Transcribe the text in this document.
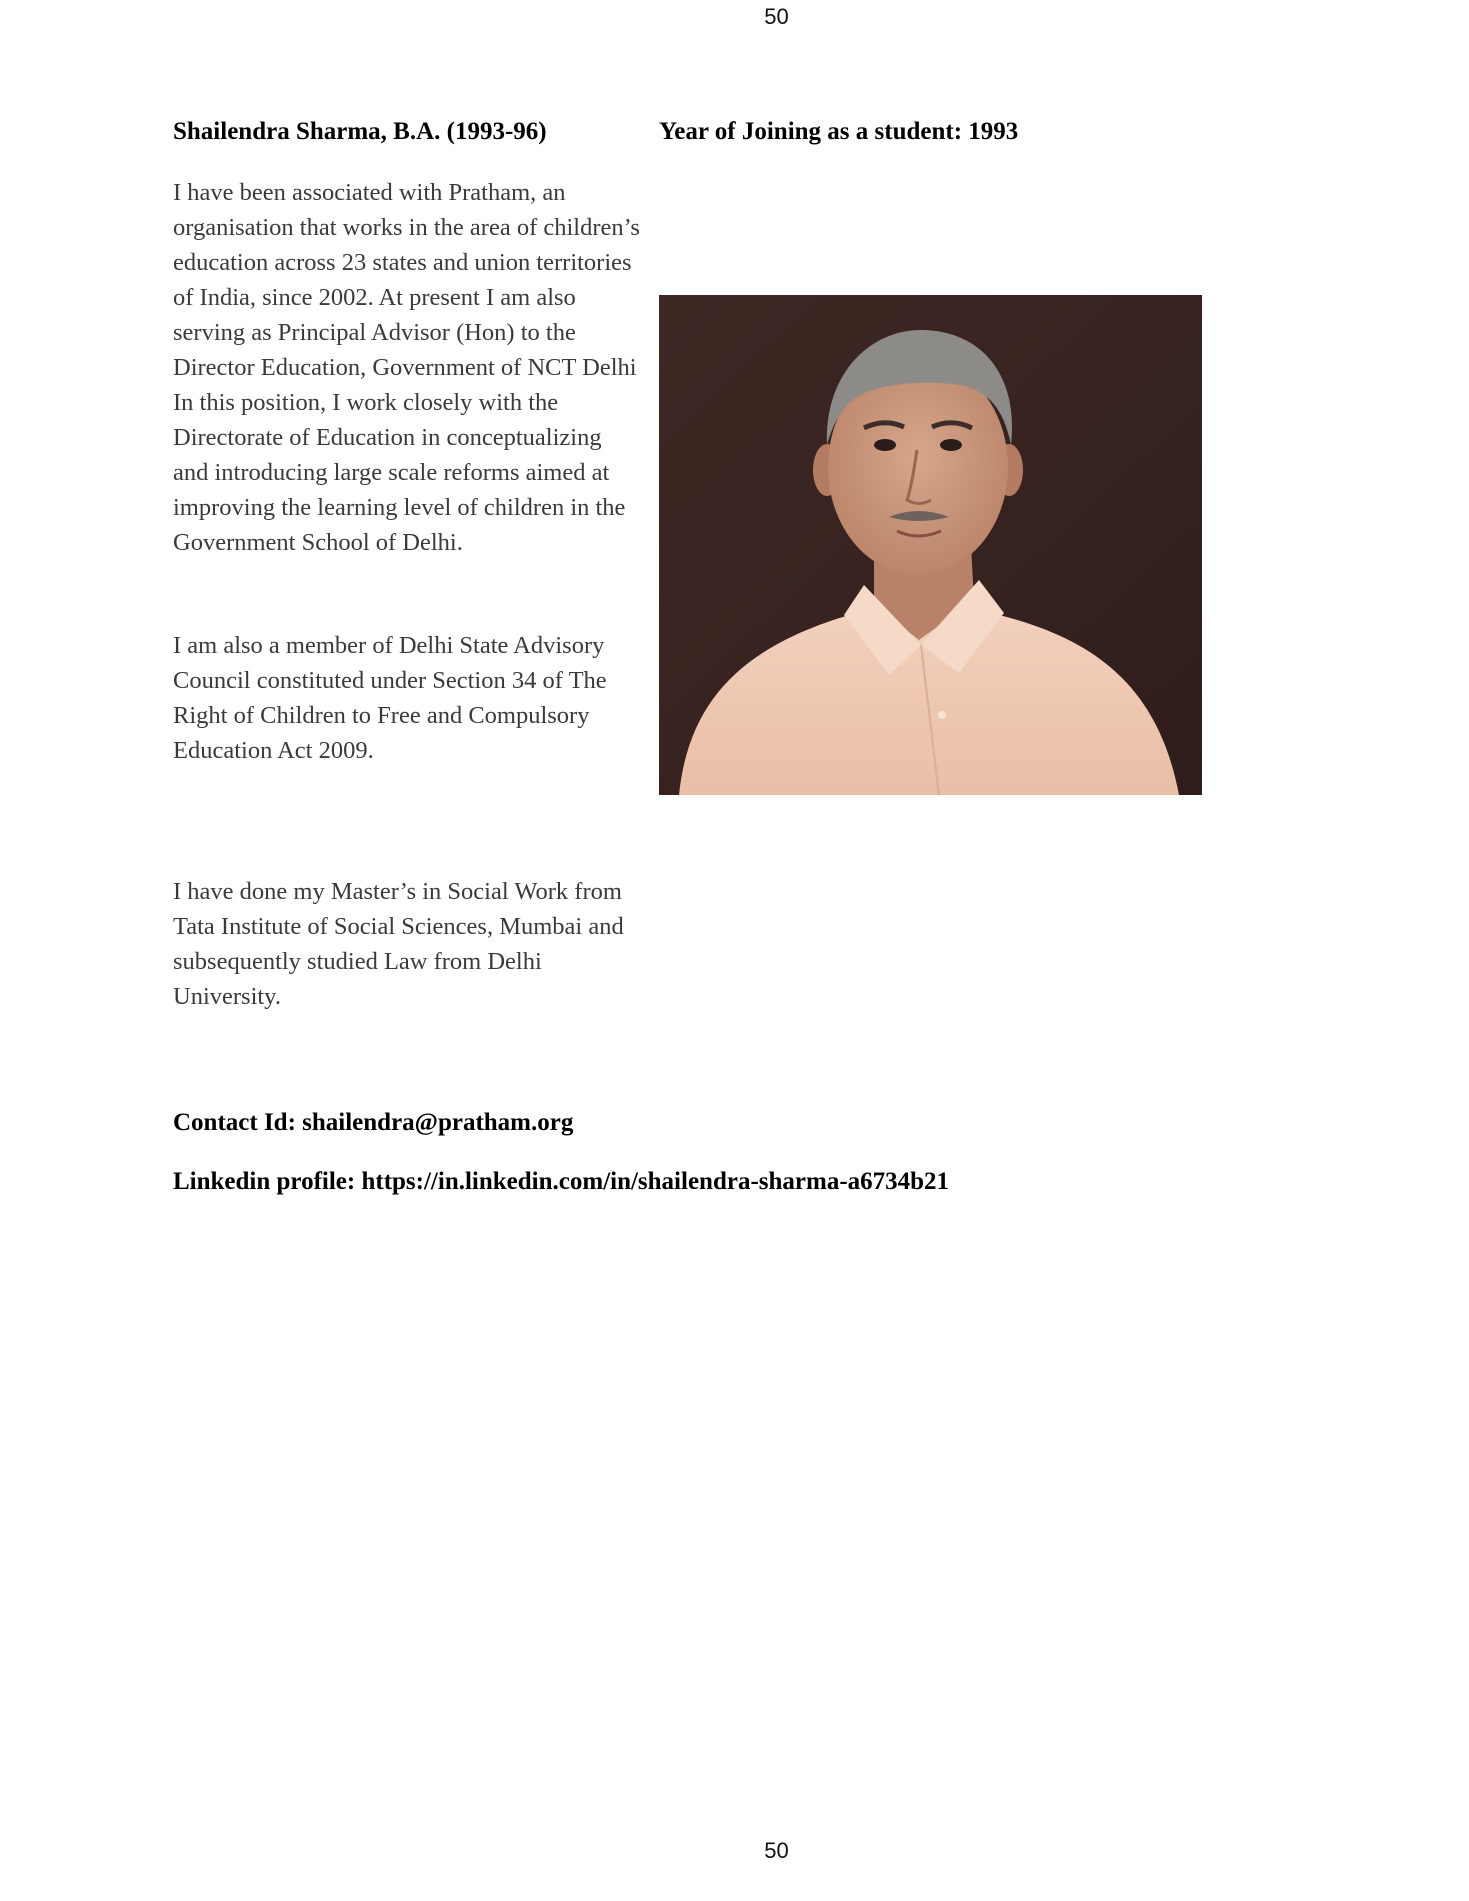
50
Shailendra Sharma, B.A. (1993-96)	Year of Joining as a student: 1993

I have been associated with Pratham, an organisation that works in the area of children’s education across 23 states and union territories of India, since 2002. At present I am also serving as Principal Advisor (Hon) to the Director Education, Government of NCT Delhi In this position, I work closely with the Directorate of Education in conceptualizing and introducing large scale reforms aimed at improving the learning level of children in the Government School of Delhi.

I am also a member of Delhi State Advisory Council constituted under Section 34 of The Right of Children to Free and Compulsory Education Act 2009.

I have done my Master’s in Social Work from Tata Institute of Social Sciences, Mumbai and subsequently studied Law from Delhi University.

Contact Id: shailendra@pratham.org
Linkedin profile: https://in.linkedin.com/in/shailendra-sharma-a6734b21
50
